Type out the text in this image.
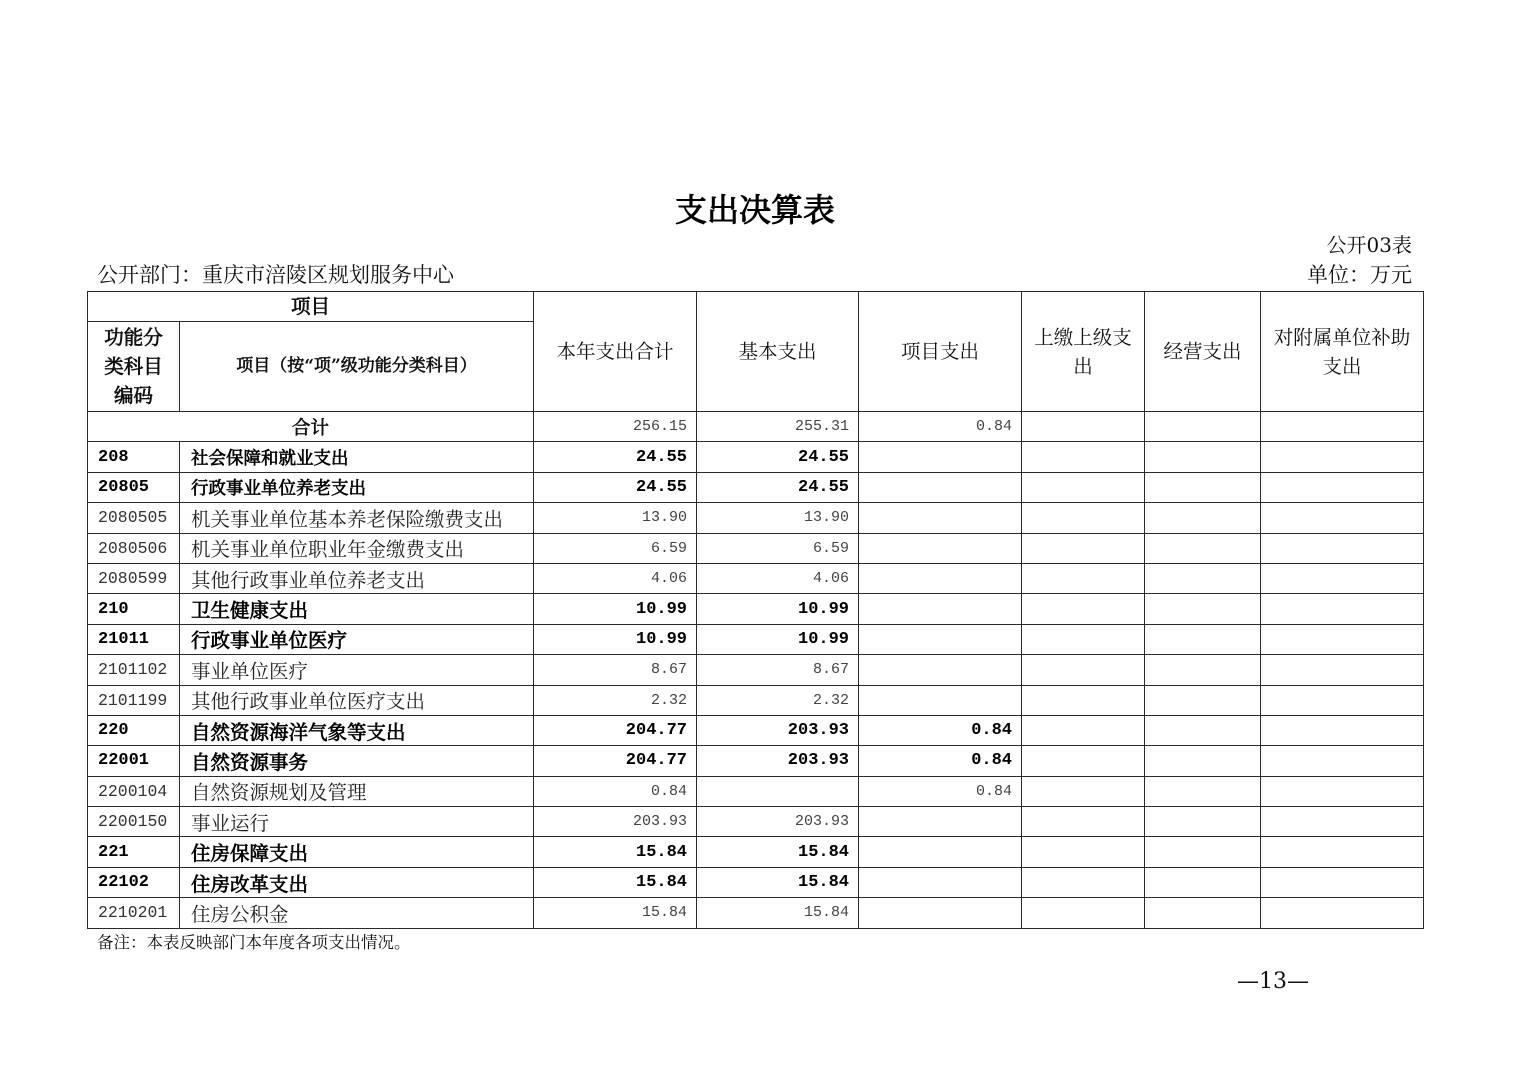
支出决算表
公开03表
公开部门：重庆市涪陵区规划服务中心	单位：万元
项目		本年支出合计	基本支出	项目支出	上缴上级支出	经营支出	对附属单位补助支出
功能分类科目编码	项目（按“项”级功能分类科目）						
合计		256.15	255.31	0.84			
208	社会保障和就业支出	24.55	24.55				
20805	行政事业单位养老支出	24.55	24.55				
2080505	机关事业单位基本养老保险缴费支出	13.90	13.90				
2080506	机关事业单位职业年金缴费支出	6.59	6.59				
2080599	其他行政事业单位养老支出	4.06	4.06				
210	卫生健康支出	10.99	10.99				
21011	行政事业单位医疗	10.99	10.99				
2101102	事业单位医疗	8.67	8.67				
2101199	其他行政事业单位医疗支出	2.32	2.32				
220	自然资源海洋气象等支出	204.77	203.93	0.84			
22001	自然资源事务	204.77	203.93	0.84			
2200104	自然资源规划及管理	0.84		0.84			
2200150	事业运行	203.93	203.93				
221	住房保障支出	15.84	15.84				
22102	住房改革支出	15.84	15.84				
2210201	住房公积金	15.84	15.84				
备注：本表反映部门本年度各项支出情况。
—13—
